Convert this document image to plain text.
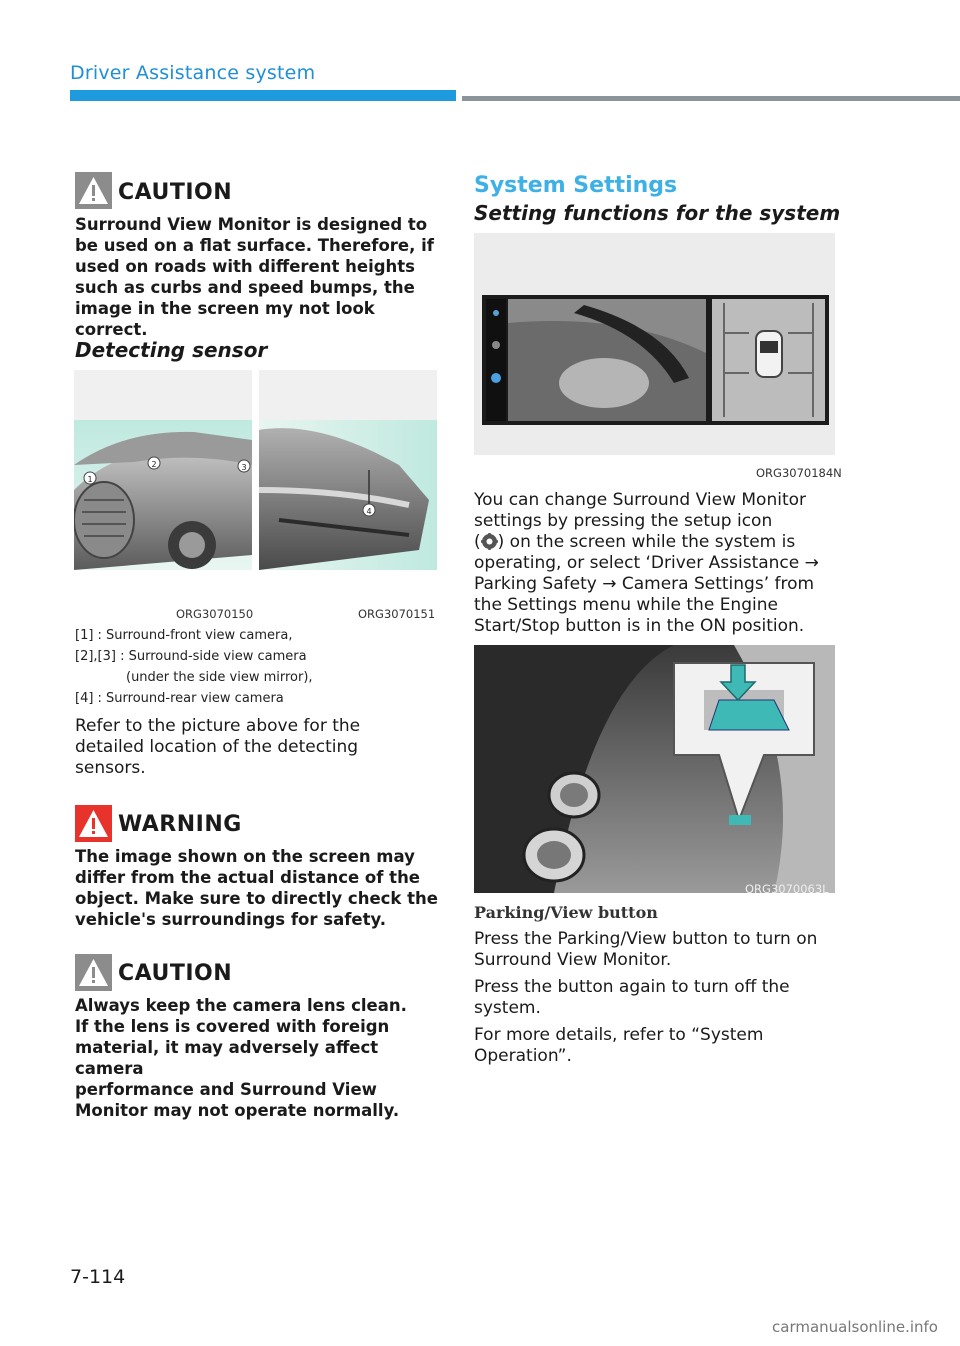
Driver Assistance system
CAUTION
Surround View Monitor is designed to
be used on a flat surface. Therefore, if
used on roads with different heights
such as curbs and speed bumps, the
image in the screen my not look correct.
Detecting sensor
1
2	3
ORG3070150
4
ORG3070151
[1] : Surround-front view camera,
[2],[3] : Surround-side view camera
(under the side view mirror),
[4] : Surround-rear view camera
Refer to the picture above for the
detailed location of the detecting
sensors.
WARNING
The image shown on the screen may
differ from the actual distance of the
object. Make sure to directly check the
vehicle's surroundings for safety.
CAUTION
Always keep the camera lens clean.
If the lens is covered with foreign
material, it may adversely affect camera
performance and Surround View
Monitor may not operate normally.
System Settings
Setting functions for the system
ORG3070184N
You can change Surround View Monitor
settings by pressing the setup icon
( ) on the screen while the system is
operating, or select ‘Driver Assistance →
Parking Safety → Camera Settings’ from
the Settings menu while the Engine
Start/Stop button is in the ON position.
ORG3070063L
Parking/View button
Press the Parking/View button to turn on
Surround View Monitor.
Press the button again to turn off the
system.
For more details, refer to “System
Operation”.
7-114
carmanualsonline.info
